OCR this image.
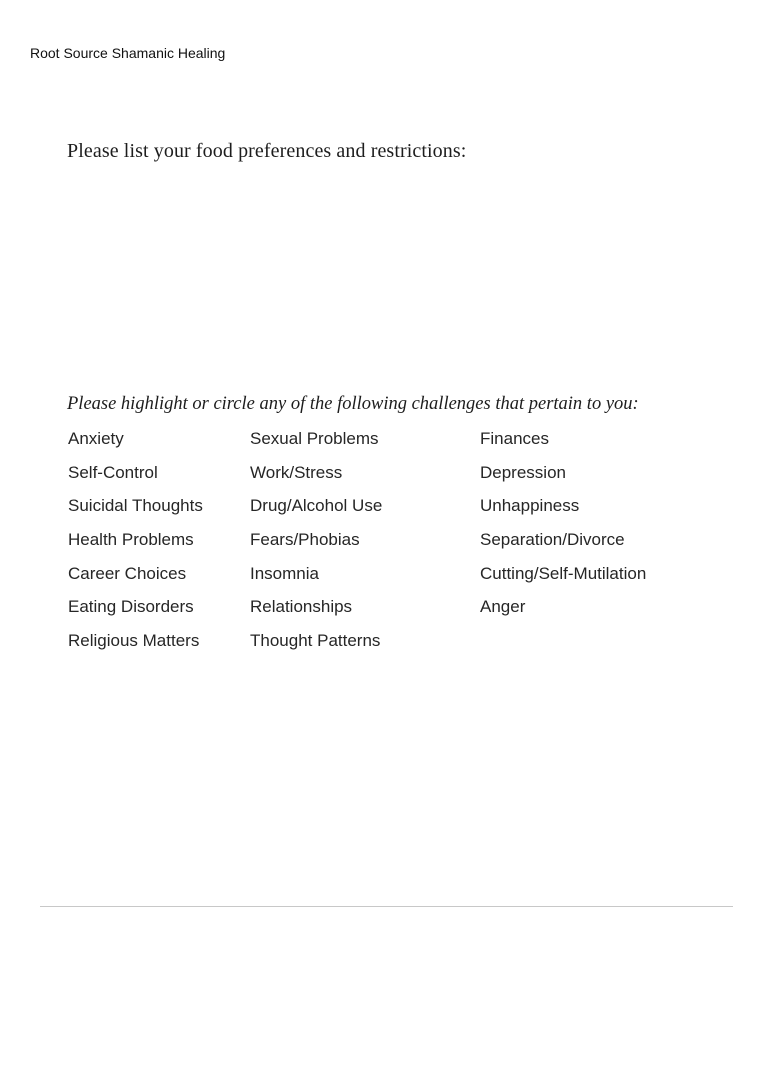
Root Source Shamanic Healing
Please list your food preferences and restrictions:
Please highlight or circle any of the following challenges that pertain to you:
Anxiety
Self-Control
Suicidal Thoughts
Health Problems
Career Choices
Eating Disorders
Religious Matters
Sexual Problems
Work/Stress
Drug/Alcohol Use
Fears/Phobias
Insomnia
Relationships
Thought Patterns
Finances
Depression
Unhappiness
Separation/Divorce
Cutting/Self-Mutilation
Anger
